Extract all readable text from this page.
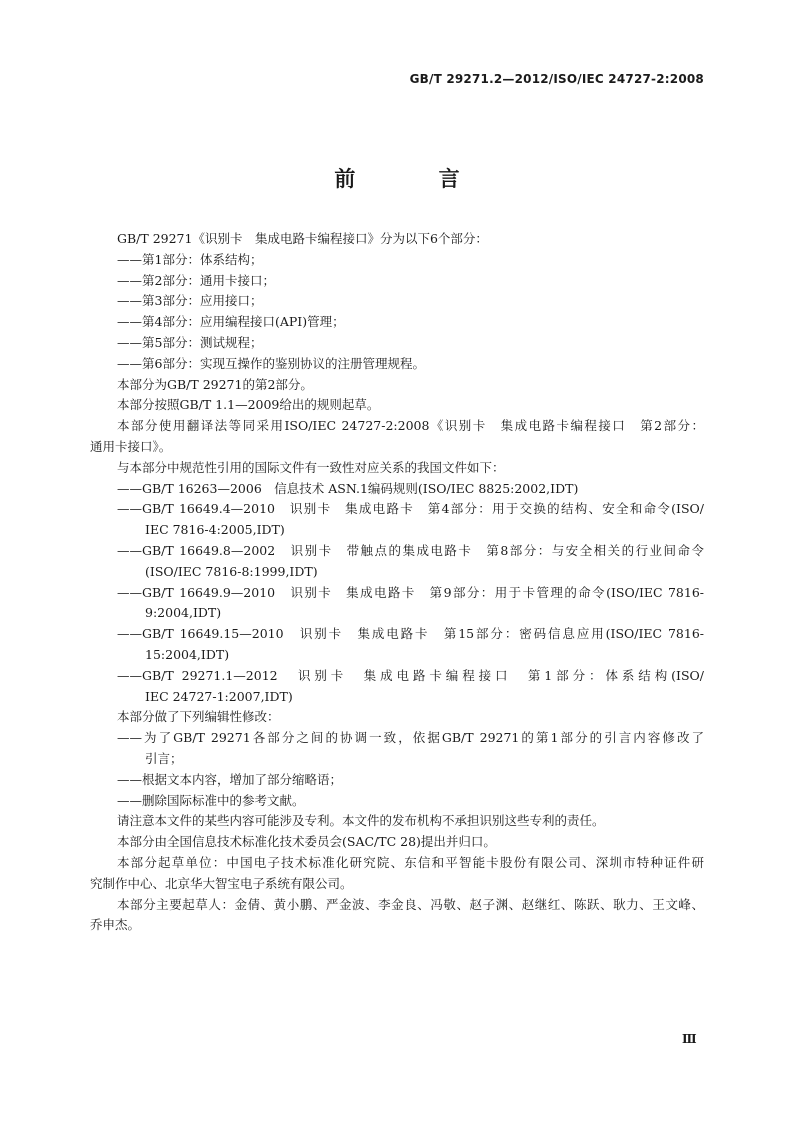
GB/T 29271.2—2012/ISO/IEC 24727-2:2008
前 言
GB/T 29271《识别卡　集成电路卡编程接口》分为以下6个部分：
——第1部分：体系结构；
——第2部分：通用卡接口；
——第3部分：应用接口；
——第4部分：应用编程接口(API)管理；
——第5部分：测试规程；
——第6部分：实现互操作的鉴别协议的注册管理规程。
本部分为GB/T 29271的第2部分。
本部分按照GB/T 1.1—2009给出的规则起草。
本部分使用翻译法等同采用ISO/IEC 24727-2:2008《识别卡　集成电路卡编程接口　第2部分：
通用卡接口》。
与本部分中规范性引用的国际文件有一致性对应关系的我国文件如下：
——GB/T 16263—2006　信息技术 ASN.1编码规则(ISO/IEC 8825:2002,IDT)
——GB/T 16649.4—2010　识别卡　集成电路卡　第4部分：用于交换的结构、安全和命令(ISO/
IEC 7816-4:2005,IDT)
——GB/T 16649.8—2002　识别卡　带触点的集成电路卡　第8部分：与安全相关的行业间命令
(ISO/IEC 7816-8:1999,IDT)
——GB/T 16649.9—2010　识别卡　集成电路卡　第9部分：用于卡管理的命令(ISO/IEC 7816-
9:2004,IDT)
——GB/T 16649.15—2010　识别卡　集成电路卡　第15部分：密码信息应用(ISO/IEC 7816-
15:2004,IDT)
——GB/T 29271.1—2012　识别卡　集成电路卡编程接口　第1部分：体系结构(ISO/
IEC 24727-1:2007,IDT)
本部分做了下列编辑性修改：
——为了GB/T 29271各部分之间的协调一致，依据GB/T 29271的第1部分的引言内容修改了
引言；
——根据文本内容，增加了部分缩略语；
——删除国际标准中的参考文献。
请注意本文件的某些内容可能涉及专利。本文件的发布机构不承担识别这些专利的责任。
本部分由全国信息技术标准化技术委员会(SAC/TC 28)提出并归口。
本部分起草单位：中国电子技术标准化研究院、东信和平智能卡股份有限公司、深圳市特种证件研
究制作中心、北京华大智宝电子系统有限公司。
本部分主要起草人：金倩、黄小鹏、严金波、李金良、冯敬、赵子渊、赵继红、陈跃、耿力、王文峰、
乔申杰。
Ⅲ
